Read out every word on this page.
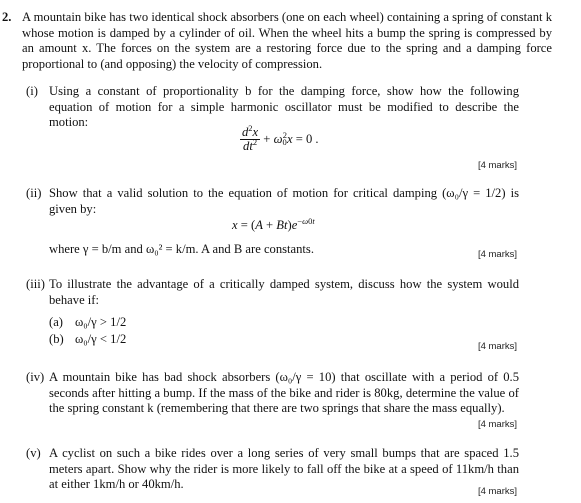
2. A mountain bike has two identical shock absorbers (one on each wheel) containing a spring of constant k whose motion is damped by a cylinder of oil. When the wheel hits a bump the spring is compressed by an amount x. The forces on the system are a restoring force due to the spring and a damping force proportional to (and opposing) the velocity of compression.
(i) Using a constant of proportionality b for the damping force, show how the following equation of motion for a simple harmonic oscillator must be modified to describe the motion:
$\frac{d^2x}{dt^2} + \omega_0^2x = 0$ .
[4 marks]
(ii) Show that a valid solution to the equation of motion for critical damping (ω₀/γ = 1/2) is given by:
$x = (A + Bt)e^{-\omega 0t}$
where γ = b/m and ω₀² = k/m. A and B are constants.	[4 marks]
(iii) To illustrate the advantage of a critically damped system, discuss how the system would behave if:
(a) ω₀/γ > 1/2
(b) ω₀/γ < 1/2
[4 marks]
(iv) A mountain bike has bad shock absorbers (ω₀/γ = 10) that oscillate with a period of 0.5 seconds after hitting a bump. If the mass of the bike and rider is 80kg, determine the value of the spring constant k (remembering that there are two springs that share the mass equally).
[4 marks]
(v) A cyclist on such a bike rides over a long series of very small bumps that are spaced 1.5 meters apart. Show why the rider is more likely to fall off the bike at a speed of 11km/h than at either 1km/h or 40km/h.
[4 marks]
